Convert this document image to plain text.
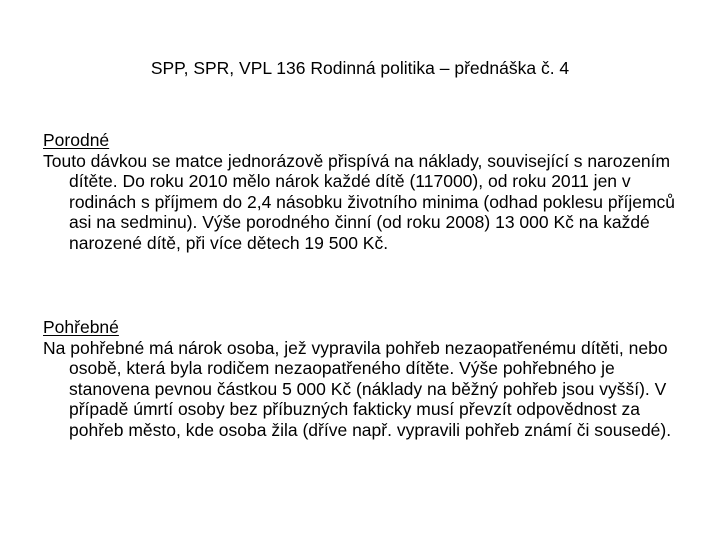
SPP, SPR, VPL 136 Rodinná politika – přednáška č. 4
Porodné

Touto dávkou se matce jednorázově přispívá na náklady, související s narozením dítěte. Do roku 2010 mělo nárok každé dítě (117000), od roku 2011 jen v rodinách s příjmem do 2,4 násobku životního minima (odhad poklesu příjemců asi na sedminu). Výše porodného činní (od roku 2008) 13 000 Kč na každé narozené dítě, při více dětech 19 500 Kč.

Pohřebné

Na pohřebné má nárok osoba, jež vypravila pohřeb nezaopatřenému dítěti, nebo osobě, která byla rodičem nezaopatřeného dítěte. Výše pohřebného je stanovena pevnou částkou 5 000 Kč (náklady na běžný pohřeb jsou vyšší). V případě úmrtí osoby bez příbuzných fakticky musí převzít odpovědnost za pohřeb město, kde osoba žila (dříve např. vypravili pohřeb známí či sousedé).
